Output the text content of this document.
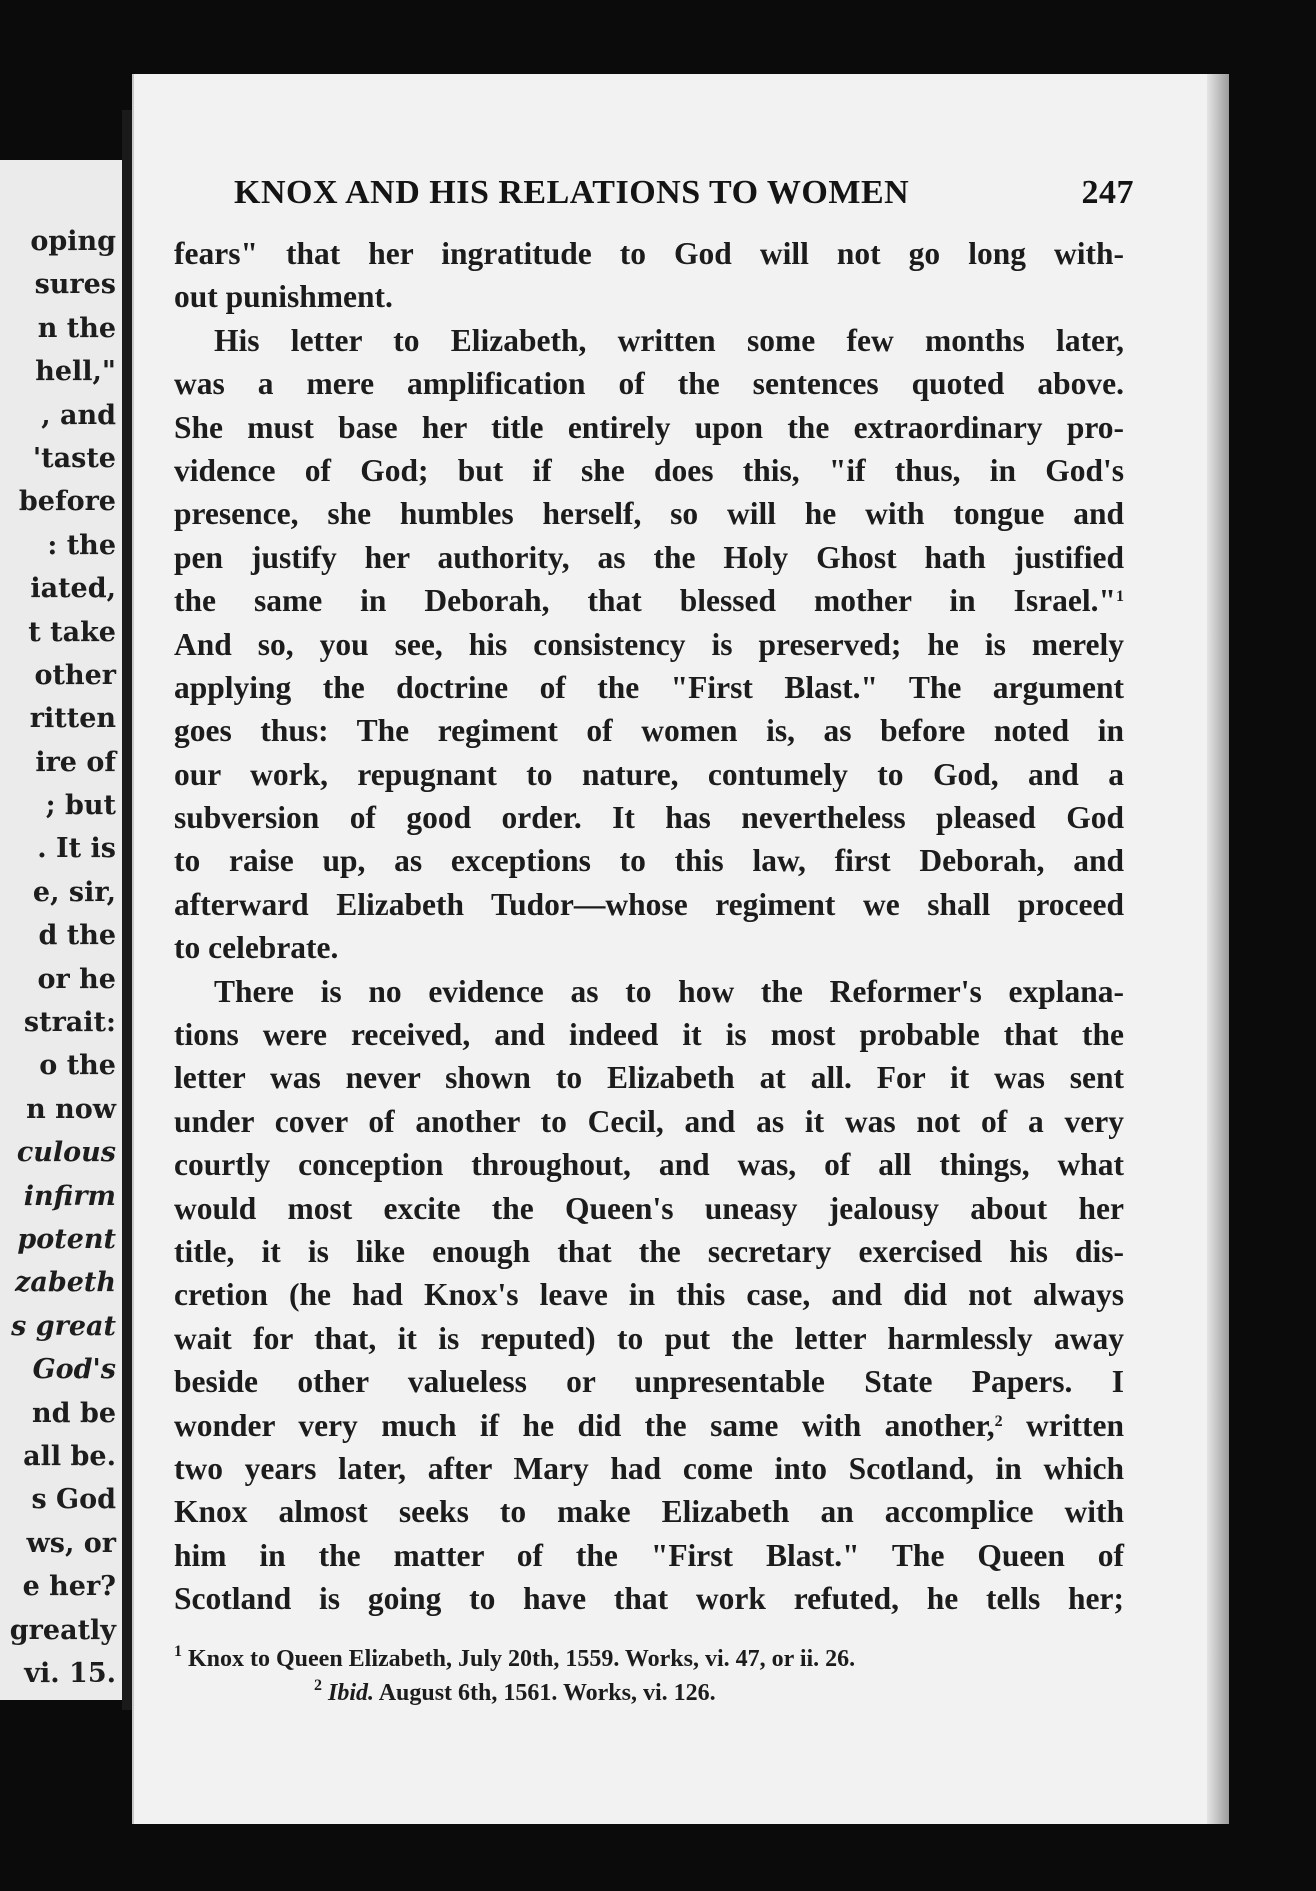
oping
sures
n the
hell,"
, and
'taste
before
: the
iated,
t take
other
ritten
ire of
; but
. It is
e, sir,
d the
or he
strait:
o the
n now
culous
infirm
potent
zabeth
s great
God's
nd be
all be.
s God
ws, or
e her?
greatly
vi. 15.
KNOX AND HIS RELATIONS TO WOMEN	247
fears" that her ingratitude to God will not go long with-
out punishment.
His letter to Elizabeth, written some few months later,
was a mere amplification of the sentences quoted above.
She must base her title entirely upon the extraordinary pro-
vidence of God; but if she does this, "if thus, in God's
presence, she humbles herself, so will he with tongue and
pen justify her authority, as the Holy Ghost hath justified
the same in Deborah, that blessed mother in Israel."$^1$
And so, you see, his consistency is preserved; he is merely
applying the doctrine of the "First Blast." The argument
goes thus: The regiment of women is, as before noted in
our work, repugnant to nature, contumely to God, and a
subversion of good order. It has nevertheless pleased God
to raise up, as exceptions to this law, first Deborah, and
afterward Elizabeth Tudor—whose regiment we shall proceed
to celebrate.
There is no evidence as to how the Reformer's explana-
tions were received, and indeed it is most probable that the
letter was never shown to Elizabeth at all. For it was sent
under cover of another to Cecil, and as it was not of a very
courtly conception throughout, and was, of all things, what
would most excite the Queen's uneasy jealousy about her
title, it is like enough that the secretary exercised his dis-
cretion (he had Knox's leave in this case, and did not always
wait for that, it is reputed) to put the letter harmlessly away
beside other valueless or unpresentable State Papers. I
wonder very much if he did the same with another,$^2$ written
two years later, after Mary had come into Scotland, in which
Knox almost seeks to make Elizabeth an accomplice with
him in the matter of the "First Blast." The Queen of
Scotland is going to have that work refuted, he tells her;
$^1$ Knox to Queen Elizabeth, July 20th, 1559. Works, vi. 47, or ii. 26.
$^2$ Ibid. August 6th, 1561. Works, vi. 126.
